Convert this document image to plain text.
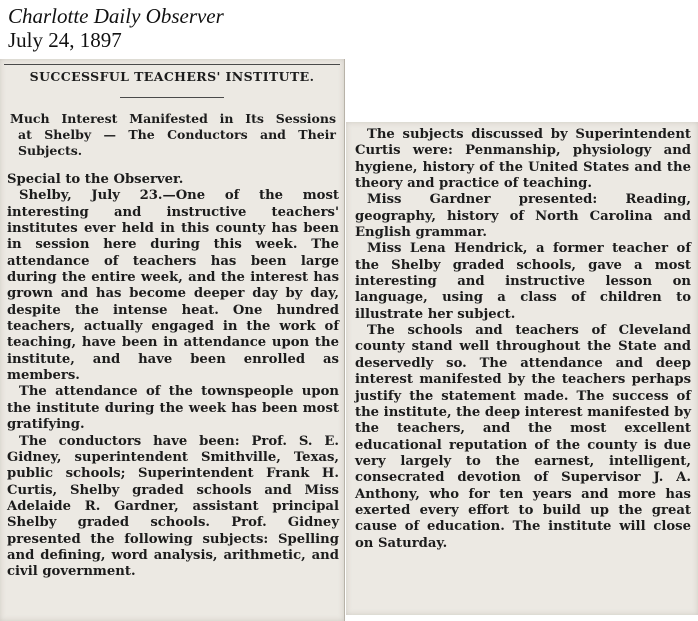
Charlotte Daily Observer
July 24, 1897
SUCCESSFUL TEACHERS' INSTITUTE.
Much Interest Manifested in Its Sessions
at Shelby — The Conductors and Their
Subjects.

Special to the Observer.

Shelby, July 23.—One of the most interesting and instructive teachers' institutes ever held in this county has been in session here during this week. The attendance of teachers has been large during the entire week, and the interest has grown and has become deeper day by day, despite the intense heat. One hundred teachers, actually engaged in the work of teaching, have been in attendance upon the institute, and have been enrolled as members.

The attendance of the townspeople upon the institute during the week has been most gratifying.

The conductors have been: Prof. S. E. Gidney, superintendent Smithville, Texas, public schools; Superintendent Frank H. Curtis, Shelby graded schools and Miss Adelaide R. Gardner, assistant principal Shelby graded schools. Prof. Gidney presented the following subjects: Spelling and defining, word analysis, arithmetic, and civil government.

The subjects discussed by Superintendent Curtis were: Penmanship, physiology and hygiene, history of the United States and the theory and practice of teaching.

Miss Gardner presented: Reading, geography, history of North Carolina and English grammar.

Miss Lena Hendrick, a former teacher of the Shelby graded schools, gave a most interesting and instructive lesson on language, using a class of children to illustrate her subject.

The schools and teachers of Cleveland county stand well throughout the State and deservedly so. The attendance and deep interest manifested by the teachers perhaps justify the statement made. The success of the institute, the deep interest manifested by the teachers, and the most excellent educational reputation of the county is due very largely to the earnest, intelligent, consecrated devotion of Supervisor J. A. Anthony, who for ten years and more has exerted every effort to build up the great cause of education. The institute will close on Saturday.
